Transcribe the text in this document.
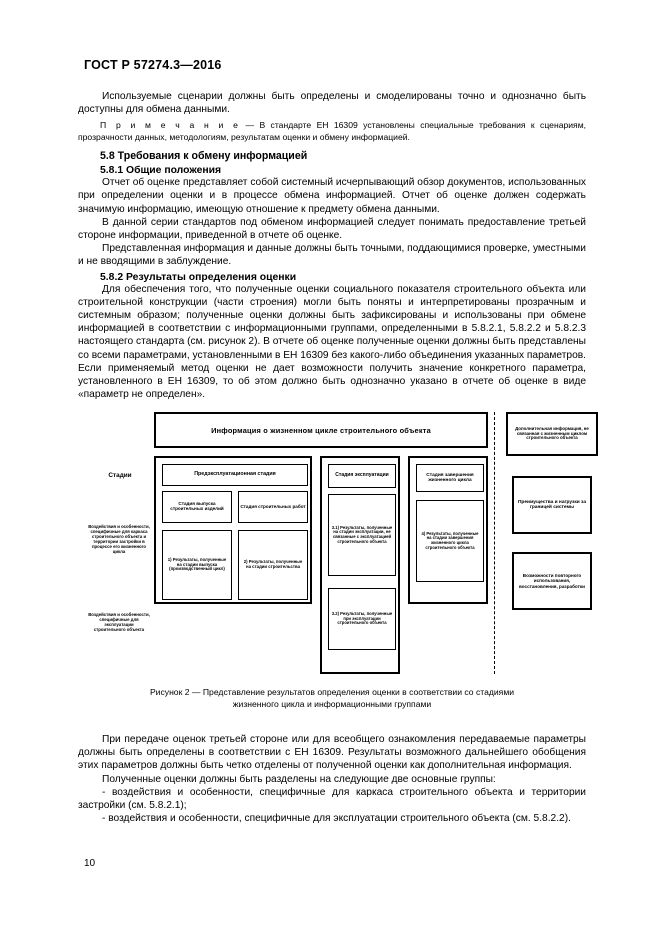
ГОСТ Р 57274.3—2016

Используемые сценарии должны быть определены и смоделированы точно и однозначно быть доступны для обмена данными.

П р и м е ч а н и е — В стандарте ЕН 16309 установлены специальные требования к сценариям, прозрачности данных, методологиям, результатам оценки и обмену информацией.

5.8 Требования к обмену информацией
5.8.1 Общие положения

Отчет об оценке представляет собой системный исчерпывающий обзор документов, использованных при определении оценки и в процессе обмена информацией. Отчет об оценке должен содержать значимую информацию, имеющую отношение к предмету обмена данными.

В данной серии стандартов под обменом информацией следует понимать предоставление третьей стороне информации, приведенной в отчете об оценке.

Представленная информация и данные должны быть точными, поддающимися проверке, уместными и не вводящими в заблуждение.

5.8.2 Результаты определения оценки

Для обеспечения того, что полученные оценки социального показателя строительного объекта или строительной конструкции (части строения) могли быть поняты и интерпретированы прозрачным и системным образом; полученные оценки должны быть зафиксированы и использованы при обмене информацией в соответствии с информационными группами, определенными в 5.8.2.1, 5.8.2.2 и 5.8.2.3 настоящего стандарта (см. рисунок 2). В отчете об оценке полученные оценки должны быть представлены со всеми параметрами, установленными в ЕН 16309 без какого-либо объединения указанных параметров. Если применяемый метод оценки не дает возможности получить значение конкретного параметра, установленного в ЕН 16309, то об этом должно быть однозначно указано в отчете об оценке в виде «параметр не определен».

Стадии
Воздействия и особенности, специфичные для каркаса строительного объекта и территории застройки в процессе его жизненного цикла
Воздействия и особенности, специфичные для эксплуатации строительного объекта
Информация о жизненном цикле строительного объекта
Предэксплуатационная стадия
Стадия выпуска строительных изделий	Стадия строительных работ
1) Результаты, полученные на стадии выпуска (производственный цикл)
2) Результаты, полученные на стадии строительства
Стадия эксплуатации
3.1) Результаты, полученные на стадии эксплуатации, не связанные с эксплуатацией строительного объекта
3.2) Результаты, полученные при эксплуатации строительного объекта
Стадия завершения жизненного цикла
4) Результаты, полученные на стадии завершения жизненного цикла строительного объекта
Дополнительная информация, не связанная с жизненным циклом строительного объекта
Преимущества и нагрузки за границей системы
Возможности повторного использования, восстановления, разработки
Рисунок 2 — Представление результатов определения оценки в соответствии со стадиями
жизненного цикла и информационными группами

При передаче оценок третьей стороне или для всеобщего ознакомления передаваемые параметры должны быть определены в соответствии с ЕН 16309. Результаты возможного дальнейшего обобщения этих параметров должны быть четко отделены от полученной оценки как дополнительная информация.

Полученные оценки должны быть разделены на следующие две основные группы:

- воздействия и особенности, специфичные для каркаса строительного объекта и территории застройки (см. 5.8.2.1);

- воздействия и особенности, специфичные для эксплуатации строительного объекта (см. 5.8.2.2).

10
